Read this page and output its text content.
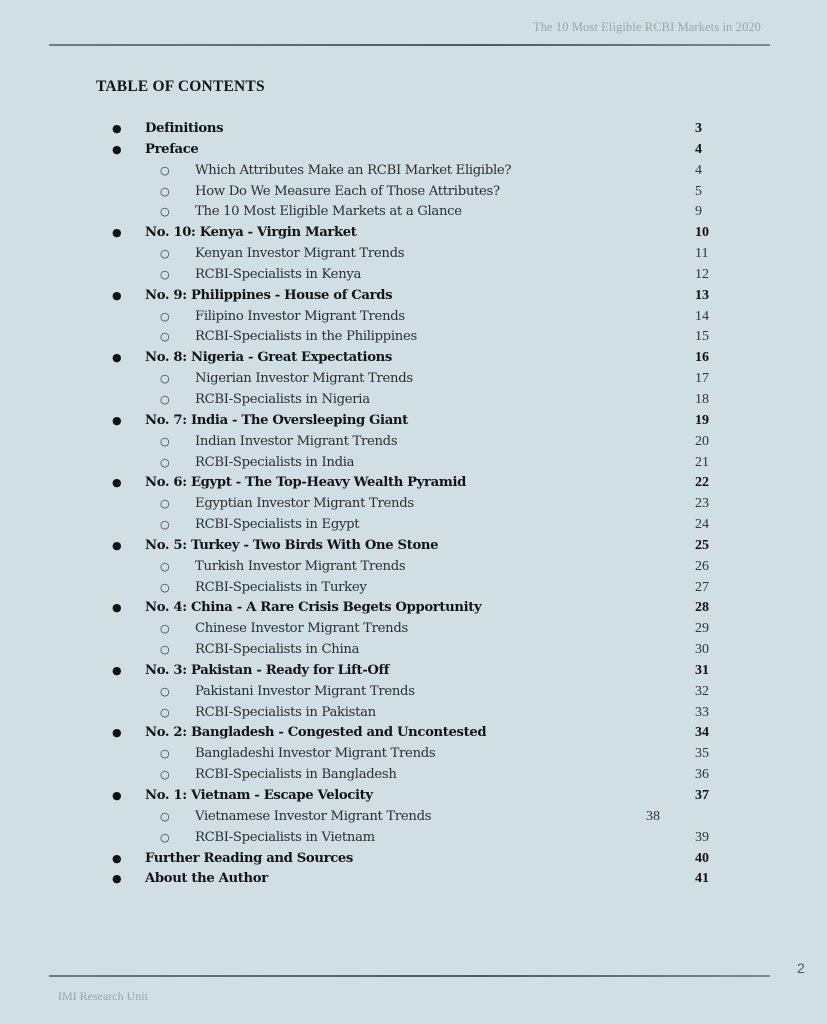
The 10 Most Eligible RCBI Markets in 2020
TABLE OF CONTENTS
● Definitions	3
● Preface	4
○ Which Attributes Make an RCBI Market Eligible?	4
○ How Do We Measure Each of Those Attributes?	5
○ The 10 Most Eligible Markets at a Glance	9
● No. 10: Kenya - Virgin Market	10
○ Kenyan Investor Migrant Trends	11
○ RCBI-Specialists in Kenya	12
● No. 9: Philippines - House of Cards	13
○ Filipino Investor Migrant Trends	14
○ RCBI-Specialists in the Philippines	15
● No. 8: Nigeria - Great Expectations	16
○ Nigerian Investor Migrant Trends	17
○ RCBI-Specialists in Nigeria	18
● No. 7: India - The Oversleeping Giant	19
○ Indian Investor Migrant Trends	20
○ RCBI-Specialists in India	21
● No. 6: Egypt - The Top-Heavy Wealth Pyramid	22
○ Egyptian Investor Migrant Trends	23
○ RCBI-Specialists in Egypt	24
● No. 5: Turkey - Two Birds With One Stone	25
○ Turkish Investor Migrant Trends	26
○ RCBI-Specialists in Turkey	27
● No. 4: China - A Rare Crisis Begets Opportunity	28
○ Chinese Investor Migrant Trends	29
○ RCBI-Specialists in China	30
● No. 3: Pakistan - Ready for Lift-Off	31
○ Pakistani Investor Migrant Trends	32
○ RCBI-Specialists in Pakistan	33
● No. 2: Bangladesh - Congested and Uncontested	34
○ Bangladeshi Investor Migrant Trends	35
○ RCBI-Specialists in Bangladesh	36
● No. 1: Vietnam - Escape Velocity	37
○ Vietnamese Investor Migrant Trends	38
○ RCBI-Specialists in Vietnam	39
● Further Reading and Sources	40
● About the Author	41
2
IMI Research Unit
